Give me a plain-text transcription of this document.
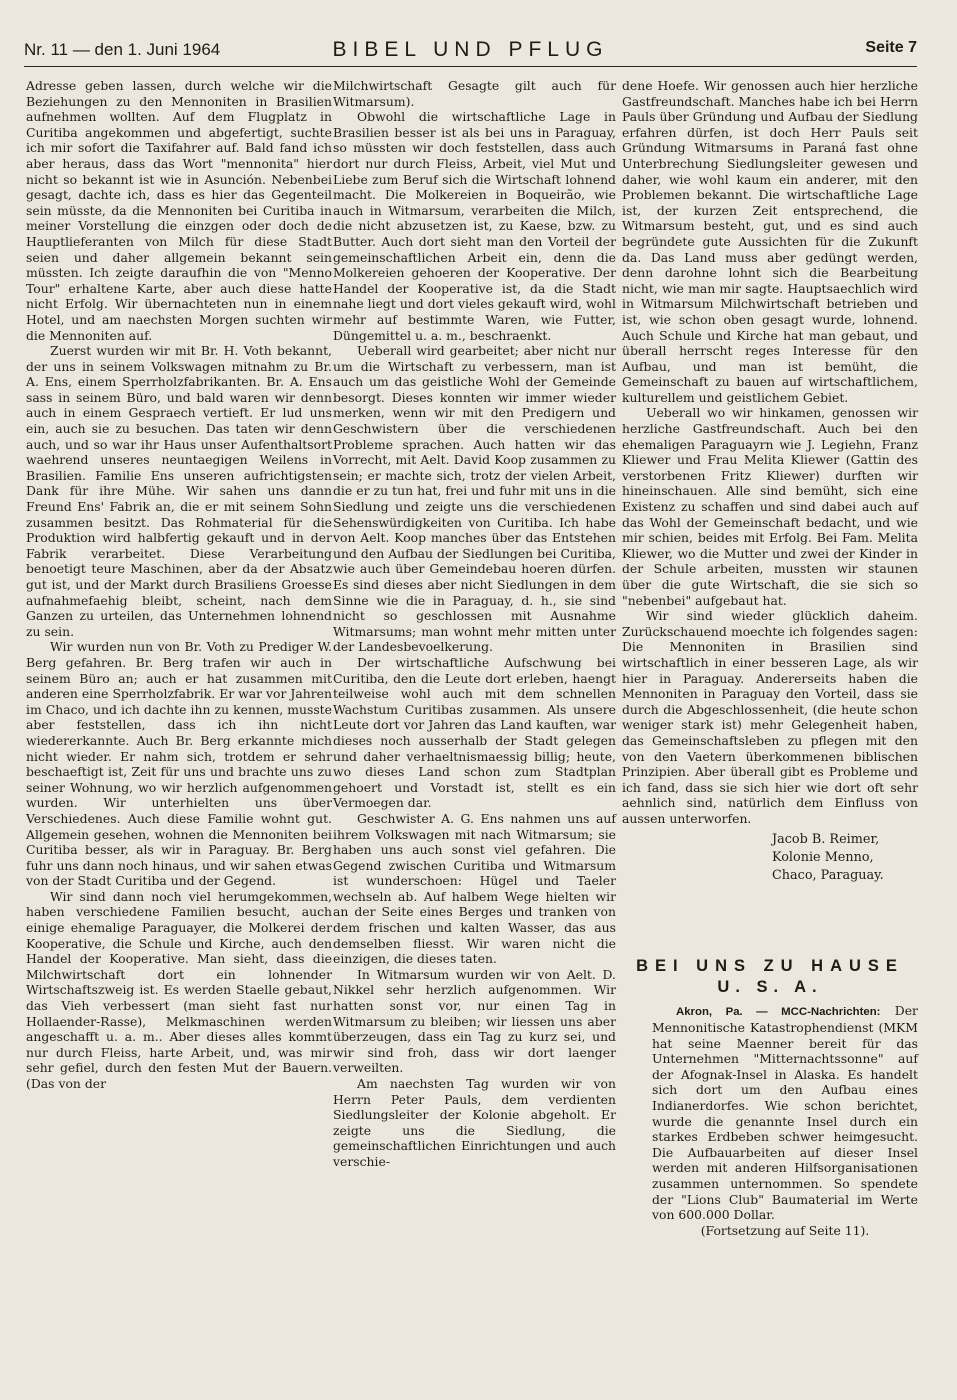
Nr. 11 — den 1. Juni 1964	BIBEL UND PFLUG	Seite 7

Adresse geben lassen, durch welche wir die Beziehungen zu den Mennoniten in Brasilien aufnehmen wollten. Auf dem Flugplatz in Curitiba angekommen und abgefertigt, suchte ich mir sofort die Taxifahrer auf. Bald fand ich aber heraus, dass das Wort "mennonita" hier nicht so bekannt ist wie in Asunción. Nebenbei gesagt, dachte ich, dass es hier das Gegenteil sein müsste, da die Mennoniten bei Curitiba in meiner Vorstellung die einzgen oder doch de Hauptlieferanten von Milch für diese Stadt seien und daher allgemein bekannt sein müssten. Ich zeigte daraufhin die von "Menno Tour" erhaltene Karte, aber auch diese hatte nicht Erfolg. Wir übernachteten nun in einem Hotel, und am naechsten Morgen suchten wir die Mennoniten auf.

Zuerst wurden wir mit Br. H. Voth bekannt, der uns in seinem Volkswagen mitnahm zu Br. A. Ens, einem Sperrholzfabrikanten. Br. A. Ens sass in seinem Büro, und bald waren wir denn auch in einem Gespraech vertieft. Er lud uns ein, auch sie zu besuchen. Das taten wir denn auch, und so war ihr Haus unser Aufenthaltsort waehrend unseres neuntaegigen Weilens in Brasilien. Familie Ens unseren aufrichtigsten Dank für ihre Mühe. Wir sahen uns dann Freund Ens' Fabrik an, die er mit seinem Sohn zusammen besitzt. Das Rohmaterial für die Produktion wird halbfertig gekauft und in der Fabrik verarbeitet. Diese Verarbeitung benoetigt teure Maschinen, aber da der Absatz gut ist, und der Markt durch Brasiliens Groesse aufnahmefaehig bleibt, scheint, nach dem Ganzen zu urteilen, das Unternehmen lohnend zu sein.

Wir wurden nun von Br. Voth zu Prediger W. Berg gefahren. Br. Berg trafen wir auch in seinem Büro an; auch er hat zusammen mit anderen eine Sperrholzfabrik. Er war vor Jahren im Chaco, und ich dachte ihn zu kennen, musste aber feststellen, dass ich ihn nicht wiedererkannte. Auch Br. Berg erkannte mich nicht wieder. Er nahm sich, trotdem er sehr beschaeftigt ist, Zeit für uns und brachte uns zu seiner Wohnung, wo wir herzlich aufgenommen wurden. Wir unterhielten uns über Verschiedenes. Auch diese Familie wohnt gut. Allgemein gesehen, wohnen die Mennoniten bei Curitiba besser, als wir in Paraguay. Br. Berg fuhr uns dann noch hinaus, und wir sahen etwas von der Stadt Curitiba und der Gegend.

Wir sind dann noch viel herumgekommen, haben verschiedene Familien besucht, auch einige ehemalige Paraguayer, die Molkerei der Kooperative, die Schule und Kirche, auch den Handel der Kooperative. Man sieht, dass die Milchwirtschaft dort ein lohnender Wirtschaftszweig ist. Es werden Staelle gebaut, das Vieh verbessert (man sieht fast nur Hollaender-Rasse), Melkmaschinen werden angeschafft u. a. m.. Aber dieses alles kommt nur durch Fleiss, harte Arbeit, und, was mir sehr gefiel, durch den festen Mut der Bauern. (Das von der

Milchwirtschaft Gesagte gilt auch für Witmarsum).

Obwohl die wirtschaftliche Lage in Brasilien besser ist als bei uns in Paraguay, so müssten wir doch feststellen, dass auch dort nur durch Fleiss, Arbeit, viel Mut und Liebe zum Beruf sich die Wirtschaft lohnend macht. Die Molkereien in Boqueirão, wie auch in Witmarsum, verarbeiten die Milch, die nicht abzusetzen ist, zu Kaese, bzw. zu Butter. Auch dort sieht man den Vorteil der gemeinschaftlichen Arbeit ein, denn die Molkereien gehoeren der Kooperative. Der Handel der Kooperative ist, da die Stadt nahe liegt und dort vieles gekauft wird, wohl mehr auf bestimmte Waren, wie Futter, Düngemittel u. a. m., beschraenkt.

Ueberall wird gearbeitet; aber nicht nur um die Wirtschaft zu verbessern, man ist auch um das geistliche Wohl der Gemeinde besorgt. Dieses konnten wir immer wieder merken, wenn wir mit den Predigern und Geschwistern über die verschiedenen Probleme sprachen. Auch hatten wir das Vorrecht, mit Aelt. David Koop zusammen zu sein; er machte sich, trotz der vielen Arbeit, die er zu tun hat, frei und fuhr mit uns in die Siedlung und zeigte uns die verschiedenen Sehenswürdigkeiten von Curitiba. Ich habe von Aelt. Koop manches über das Entstehen und den Aufbau der Siedlungen bei Curitiba, wie auch über Gemeindebau hoeren dürfen. Es sind dieses aber nicht Siedlungen in dem Sinne wie die in Paraguay, d. h., sie sind nicht so geschlossen mit Ausnahme Witmarsums; man wohnt mehr mitten unter der Landesbevoelkerung.

Der wirtschaftliche Aufschwung bei Curitiba, den die Leute dort erleben, haengt teilweise wohl auch mit dem schnellen Wachstum Curitibas zusammen. Als unsere Leute dort vor Jahren das Land kauften, war dieses noch ausserhalb der Stadt gelegen und daher verhaeltnismaessig billig; heute, wo dieses Land schon zum Stadtplan gehoert und Vorstadt ist, stellt es ein Vermoegen dar.

Geschwister A. G. Ens nahmen uns auf ihrem Volkswagen mit nach Witmarsum; sie haben uns auch sonst viel gefahren. Die Gegend zwischen Curitiba und Witmarsum ist wunderschoen: Hügel und Taeler wechseln ab. Auf halbem Wege hielten wir an der Seite eines Berges und tranken von dem frischen und kalten Wasser, das aus demselben fliesst. Wir waren nicht die einzigen, die dieses taten.

In Witmarsum wurden wir von Aelt. D. Nikkel sehr herzlich aufgenommen. Wir hatten sonst vor, nur einen Tag in Witmarsum zu bleiben; wir liessen uns aber überzeugen, dass ein Tag zu kurz sei, und wir sind froh, dass wir dort laenger verweilten.

Am naechsten Tag wurden wir von Herrn Peter Pauls, dem verdienten Siedlungsleiter der Kolonie abgeholt. Er zeigte uns die Siedlung, die gemeinschaftlichen Einrichtungen und auch verschie-

dene Hoefe. Wir genossen auch hier herzliche Gastfreundschaft. Manches habe ich bei Herrn Pauls über Gründung und Aufbau der Siedlung erfahren dürfen, ist doch Herr Pauls seit Gründung Witmarsums in Paraná fast ohne Unterbrechung Siedlungsleiter gewesen und daher, wie wohl kaum ein anderer, mit den Problemen bekannt. Die wirtschaftliche Lage ist, der kurzen Zeit entsprechend, die Witmarsum besteht, gut, und es sind auch begründete gute Aussichten für die Zukunft da. Das Land muss aber gedüngt werden, denn darohne lohnt sich die Bearbeitung nicht, wie man mir sagte. Hauptsaechlich wird in Witmarsum Milchwirtschaft betrieben und ist, wie schon oben gesagt wurde, lohnend. Auch Schule und Kirche hat man gebaut, und überall herrscht reges Interesse für den Aufbau, und man ist bemüht, die Gemeinschaft zu bauen auf wirtschaftlichem, kulturellem und geistlichem Gebiet.

Ueberall wo wir hinkamen, genossen wir herzliche Gastfreundschaft. Auch bei den ehemaligen Paraguayrn wie J. Legiehn, Franz Kliewer und Frau Melita Kliewer (Gattin des verstorbenen Fritz Kliewer) durften wir hineinschauen. Alle sind bemüht, sich eine Existenz zu schaffen und sind dabei auch auf das Wohl der Gemeinschaft bedacht, und wie mir schien, beides mit Erfolg. Bei Fam. Melita Kliewer, wo die Mutter und zwei der Kinder in der Schule arbeiten, mussten wir staunen über die gute Wirtschaft, die sie sich so "nebenbei" aufgebaut hat.

Wir sind wieder glücklich daheim. Zurückschauend moechte ich folgendes sagen: Die Mennoniten in Brasilien sind wirtschaftlich in einer besseren Lage, als wir hier in Paraguay. Andererseits haben die Mennoniten in Paraguay den Vorteil, dass sie durch die Abgeschlossenheit, (die heute schon weniger stark ist) mehr Gelegenheit haben, das Gemeinschaftsleben zu pflegen mit den von den Vaetern überkommenen biblischen Prinzipien. Aber überall gibt es Probleme und ich fand, dass sie sich hier wie dort oft sehr aehnlich sind, natürlich dem Einfluss von aussen unterworfen.

Jacob B. Reimer,
Kolonie Menno,
Chaco, Paraguay.
BEI UNS ZU HAUSE
U. S. A.

Akron, Pa. — MCC-Nachrichten: Der Mennonitische Katastrophendienst (MKM hat seine Maenner bereit für das Unternehmen "Mitternachtssonne" auf der Afognak-Insel in Alaska. Es handelt sich dort um den Aufbau eines Indianerdorfes. Wie schon berichtet, wurde die genannte Insel durch ein starkes Erdbeben schwer heimgesucht. Die Aufbauarbeiten auf dieser Insel werden mit anderen Hilfsorganisationen zusammen unternommen. So spendete der "Lions Club" Baumaterial im Werte von 600.000 Dollar.

(Fortsetzung auf Seite 11).
